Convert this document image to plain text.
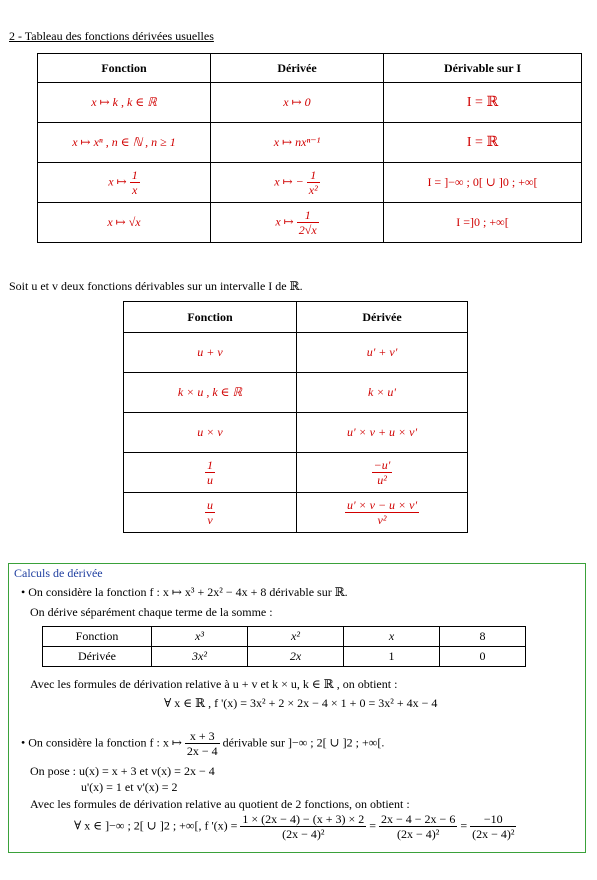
2 - Tableau des fonctions dérivées usuelles
Fonction	Dérivée	Dérivable sur I
x ↦ k , k ∈ ℝ	x ↦ 0	I = ℝ
x ↦ xⁿ , n ∈ ℕ , n ≥ 1	x ↦ nxⁿ⁻¹	I = ℝ
x ↦ $\frac{1}{x}$	x ↦ − $\frac{1}{\text{x²}}$	I = ]−∞ ; 0[ ∪ ]0 ; +∞[
x ↦ √x	x ↦ $\frac{1}{2√x}$	I =]0 ; +∞[
Soit u et v deux fonctions dérivables sur un intervalle I de ℝ.
Fonction	Dérivée
u + v	u' + v'
k × u , k ∈ ℝ	k × u'
u × v	u' × v + u × v'

$\frac{1}{u}$	$\frac{-u'}{\text{u²}}$

$\frac{u}{v}$	$\frac{u' \times v - u \times v'}{\text{v²}}$
Calculs de dérivée
• On considère la fonction f : x ↦ x³ + 2x² − 4x + 8 dérivable sur ℝ.
On dérive séparément chaque terme de la somme :
Fonction	x³	x²	x	8
Dérivée	3x²	2x	1	0
Avec les formules de dérivation relative à u + v et k × u, k ∈ ℝ , on obtient :
∀ x ∈ ℝ , f '(x) = 3x² + 2 × 2x − 4 × 1 + 0 = 3x² + 4x − 4
• On considère la fonction f : x ↦ $\frac{x + 3}{2x - 4}$ dérivable sur ]−∞ ; 2[ ∪ ]2 ; +∞[.
On pose : u(x) = x + 3 et v(x) = 2x − 4
u'(x) = 1 et v'(x) = 2
Avec les formules de dérivation relative au quotient de 2 fonctions, on obtient :
∀ x ∈ ]−∞ ; 2[ ∪ ]2 ; +∞[, f '$(x) = \frac{1 \times (2x - 4) - (x + 3) \times 2}{\text{(2x − 4)²}} = \frac{2x - 4 - 2x - 6}{\text{(2x − 4)²}} = \frac{-10}{\text{(2x − 4)²}}$
